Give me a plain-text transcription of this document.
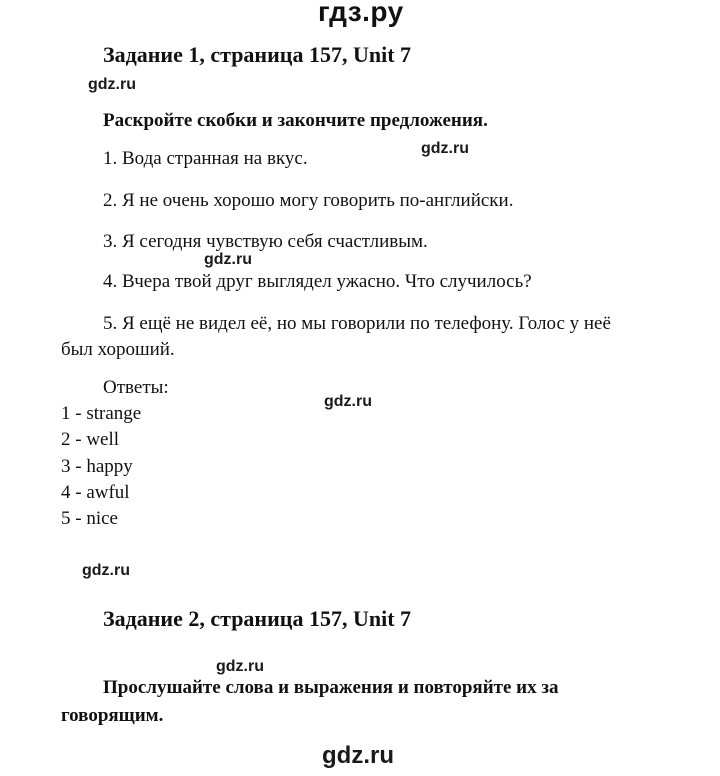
гдз.ру
Задание 1, страница 157, Unit 7
gdz.ru
Раскройте скобки и закончите предложения.
1. Вода странная на вкус.	gdz.ru
2. Я не очень хорошо могу говорить по-английски.
3. Я сегодня чувствую себя счастливым.
gdz.ru
4. Вчера твой друг выглядел ужасно. Что случилось?
5. Я ещё не видел её, но мы говорили по телефону. Голос у неё
был хороший.
Ответы:
gdz.ru
1 - strange
2 - well
3 - happy
4 - awful
5 - nice
gdz.ru
Задание 2, страница 157, Unit 7
gdz.ru
Прослушайте слова и выражения и повторяйте их за
говорящим.
gdz.ru
